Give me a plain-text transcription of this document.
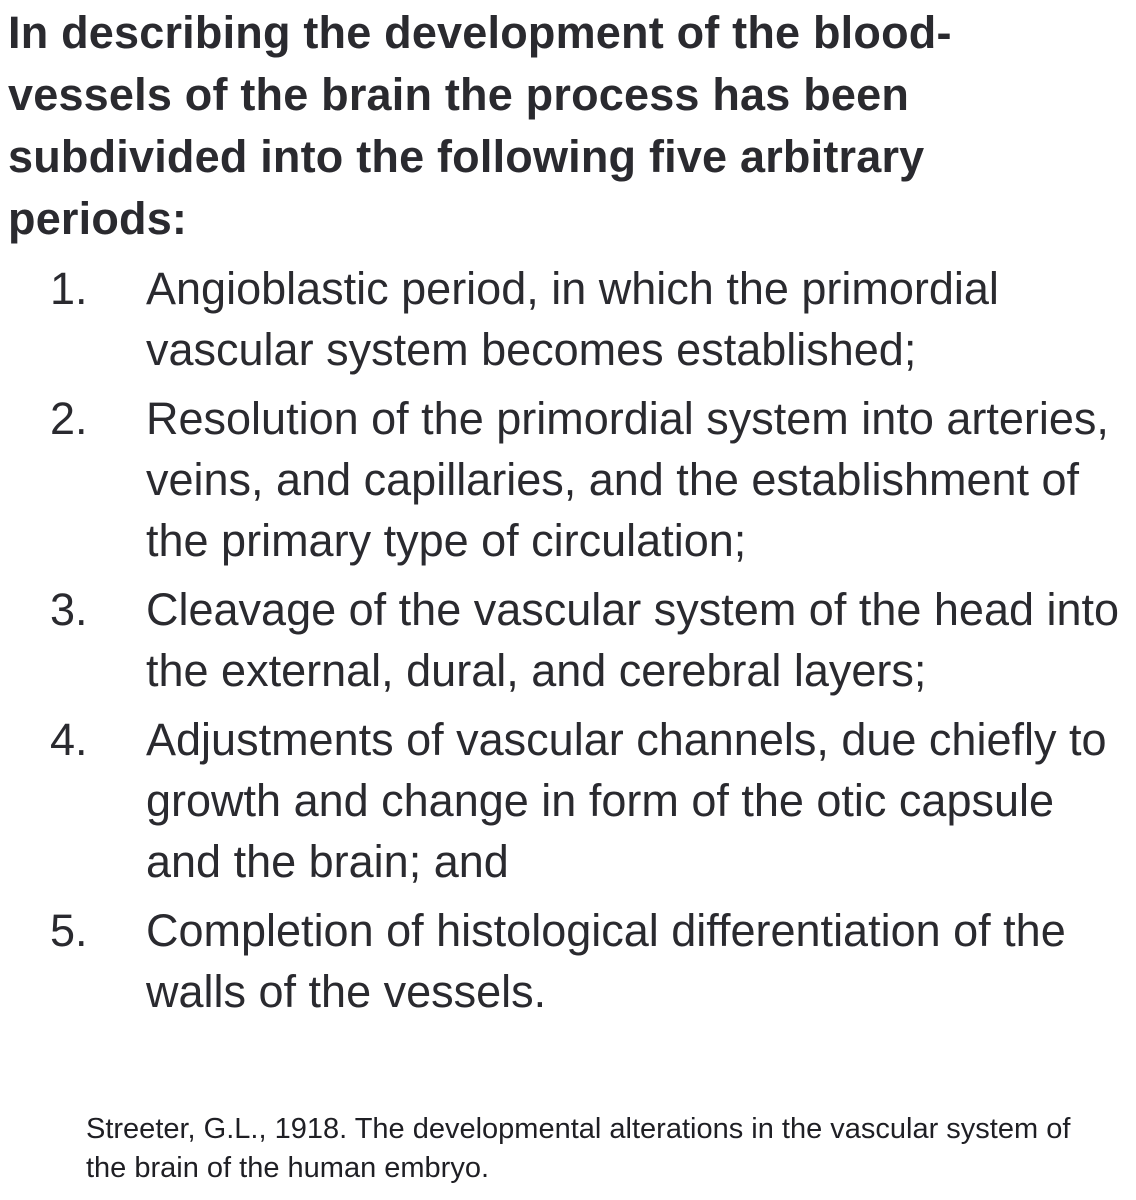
In describing the development of the blood-vessels of the brain the process has been subdivided into the following five arbitrary periods:

1. Angioblastic period, in which the primordial vascular system becomes established;
2. Resolution of the primordial system into arteries, veins, and capillaries, and the establishment of the primary type of circulation;
3. Cleavage of the vascular system of the head into the external, dural, and cerebral layers;
4. Adjustments of vascular channels, due chiefly to growth and change in form of the otic capsule and the brain; and
5. Completion of histological differentiation of the walls of the vessels.

Streeter, G.L., 1918. The developmental alterations in the vascular system of the brain of the human embryo.
